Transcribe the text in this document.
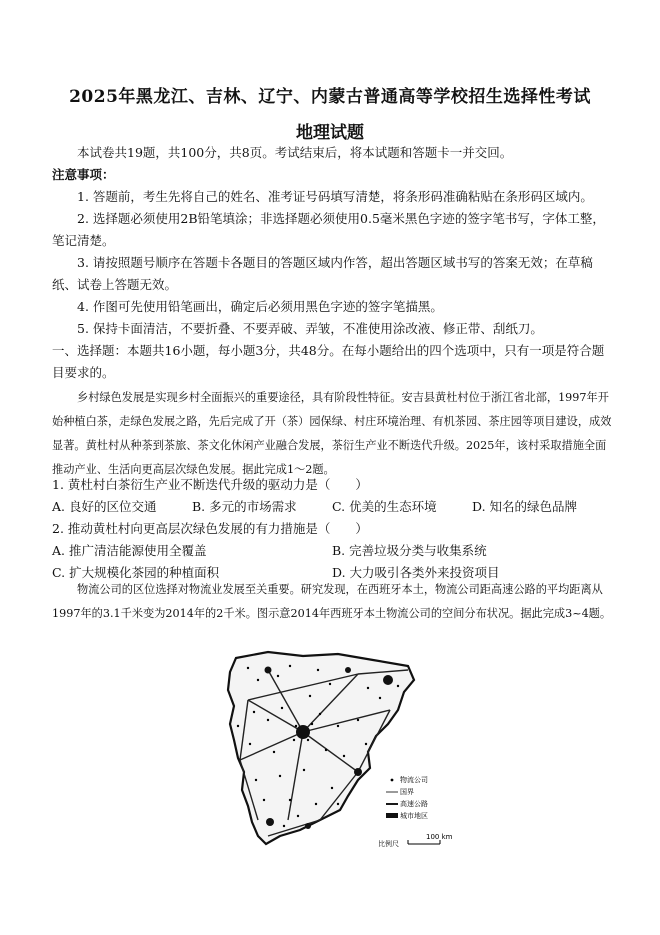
2025年黑龙江、吉林、辽宁、内蒙古普通高等学校招生选择性考试
地理试题

本试卷共19题，共100分，共8页。考试结束后，将本试题和答题卡一并交回。

注意事项：

1. 答题前，考生先将自己的姓名、准考证号码填写清楚，将条形码准确粘贴在条形码区域内。

2. 选择题必须使用2B铅笔填涂；非选择题必须使用0.5毫米黑色字迹的签字笔书写，字体工整，笔记清楚。

3. 请按照题号顺序在答题卡各题目的答题区域内作答，超出答题区域书写的答案无效；在草稿纸、试卷上答题无效。

4. 作图可先使用铅笔画出，确定后必须用黑色字迹的签字笔描黑。

5. 保持卡面清洁，不要折叠、不要弄破、弄皱，不准使用涂改液、修正带、刮纸刀。

一、选择题：本题共16小题，每小题3分，共48分。在每小题给出的四个选项中，只有一项是符合题目要求的。

乡村绿色发展是实现乡村全面振兴的重要途径，具有阶段性特征。安吉县黄杜村位于浙江省北部，1997年开始种植白茶，走绿色发展之路，先后完成了开（茶）园保绿、村庄环境治理、有机茶园、茶庄园等项目建设，成效显著。黄杜村从种茶到茶旅、茶文化休闲产业融合发展，茶衍生产业不断迭代升级。2025年，该村采取措施全面推动产业、生活向更高层次绿色发展。据此完成1～2题。

1. 黄杜村白茶衍生产业不断迭代升级的驱动力是（　　）

A. 良好的区位交通	B. 多元的市场需求	C. 优美的生态环境	D. 知名的绿色品牌

2. 推动黄杜村向更高层次绿色发展的有力措施是（　　）

A. 推广清洁能源使用全覆盖	B. 完善垃圾分类与收集系统
C. 扩大规模化茶园的种植面积	D. 大力吸引各类外来投资项目

物流公司的区位选择对物流业发展至关重要。研究发现，在西班牙本土，物流公司距高速公路的平均距离从1997年的3.1千米变为2014年的2千米。图示意2014年西班牙本土物流公司的空间分布状况。据此完成3~4题。

物流公司
国界
高速公路
城市地区
比例尺
100 km
